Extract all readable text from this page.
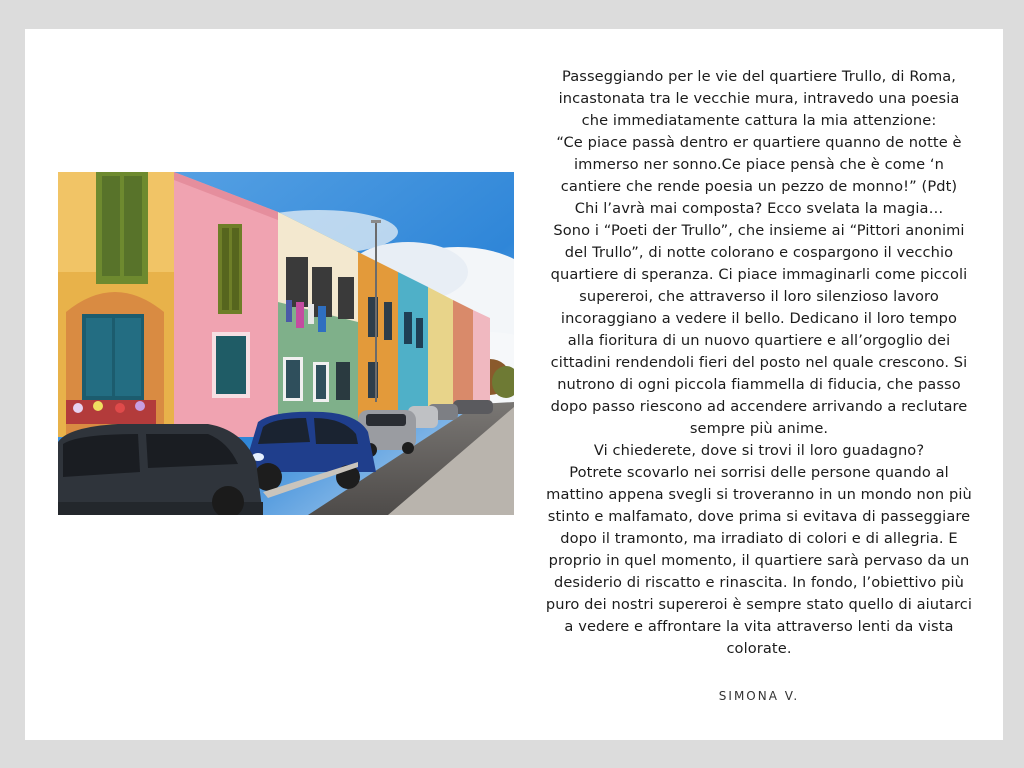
Passeggiando per le vie del quartiere Trullo, di Roma,
incastonata tra le vecchie mura, intravedo una poesia
che immediatamente cattura la mia attenzione:
“Ce piace passà dentro er quartiere quanno de notte è
immerso ner sonno.Ce piace pensà che è come ‘n
cantiere che rende poesia un pezzo de monno!” (Pdt)
Chi l’avrà mai composta? Ecco svelata la magia…
Sono i “Poeti der Trullo”, che insieme ai “Pittori anonimi
del Trullo”, di notte colorano e cospargono il vecchio
quartiere di speranza. Ci piace immaginarli come piccoli
supereroi, che attraverso il loro silenzioso lavoro
incoraggiano a vedere il bello. Dedicano il loro tempo
alla fioritura di un nuovo quartiere e all’orgoglio dei
cittadini rendendoli fieri del posto nel quale crescono. Si
nutrono di ogni piccola fiammella di fiducia, che passo
dopo passo riescono ad accendere arrivando a reclutare
sempre più anime.
Vi chiederete, dove si trovi il loro guadagno?
Potrete scovarlo nei sorrisi delle persone quando al
mattino appena svegli si troveranno in un mondo non più
stinto e malfamato, dove prima si evitava di passeggiare
dopo il tramonto, ma irradiato di colori e di allegria. E
proprio in quel momento, il quartiere sarà pervaso da un
desiderio di riscatto e rinascita. In fondo, l’obiettivo più
puro dei nostri supereroi è sempre stato quello di aiutarci
a vedere e affrontare la vita attraverso lenti da vista
colorate.

SIMONA V.
